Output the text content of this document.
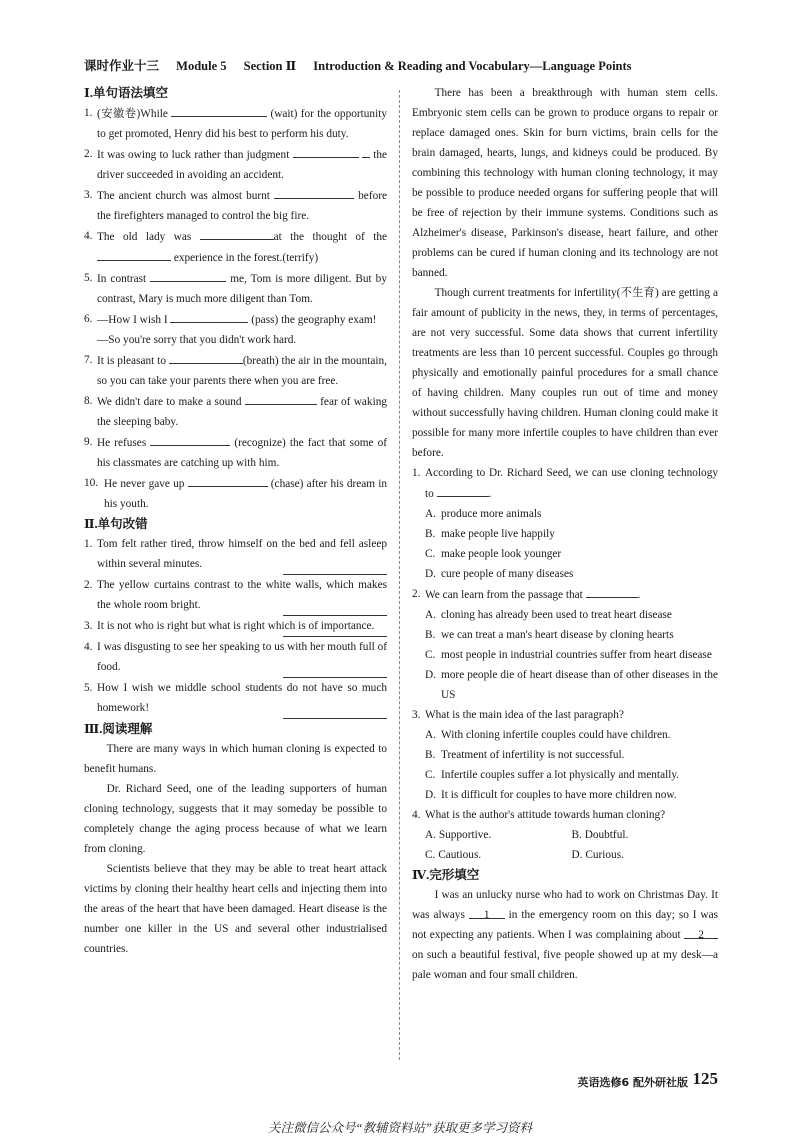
课时作业十三 Module 5 Section Ⅱ Introduction & Reading and Vocabulary—Language Points
Ⅰ.单句语法填空
1. (安徽卷)While	(wait) for the opportunity to get promoted, Henry did his best to perform his duty.
2. It was owing to luck rather than judgment	the driver succeeded in avoiding an accident.
3. The ancient church was almost burnt	before the firefighters managed to control the big fire.
4. The old lady was	at the thought of the  experience in the forest.(terrify)
5. In contrast	me, Tom is more diligent. But by contrast, Mary is much more diligent than Tom.
6. —How I wish I	(pass) the geography exam!
—So you're sorry that you didn't work hard.
7. It is pleasant to	(breath) the air in the mountain, so you can take your parents there when you are free.
8. We didn't dare to make a sound	fear of waking the sleeping baby.
9. He refuses	(recognize) the fact that some of his classmates are catching up with him.
10. He never gave up	(chase) after his dream in his youth.
Ⅱ.单句改错
1. Tom felt rather tired, throw himself on the bed and fell asleep within several minutes.
2. The yellow curtains contrast to the white walls, which makes the whole room bright.
3. It is not who is right but what is right which is of importance.
4. I was disgusting to see her speaking to us with her mouth full of food.
5. How I wish we middle school students do not have so much homework!
Ⅲ.阅读理解
There are many ways in which human cloning is expected to benefit humans.
Dr. Richard Seed, one of the leading supporters of human cloning technology, suggests that it may someday be possible to completely change the aging process because of what we learn from cloning.
Scientists believe that they may be able to treat heart attack victims by cloning their healthy heart cells and injecting them into the areas of the heart that have been damaged. Heart disease is the number one killer in the US and several other industrialised countries.
There has been a breakthrough with human stem cells. Embryonic stem cells can be grown to produce organs to repair or replace damaged ones. Skin for burn victims, brain cells for the brain damaged, hearts, lungs, and kidneys could be produced. By combining this technology with human cloning technology, it may be possible to produce needed organs for suffering people that will be free of rejection by their immune systems. Conditions such as Alzheimer's disease, Parkinson's disease, heart failure, and other problems can be cured if human cloning and its technology are not banned.
Though current treatments for infertility(不生育) are getting a fair amount of publicity in the news, they, in terms of percentages, are not very successful. Some data shows that current infertility treatments are less than 10 percent successful. Couples go through physically and emotionally painful procedures for a small chance of having children. Many couples run out of time and money without successfully having children. Human cloning could make it possible for many more infertile couples to have children than ever before.
1. According to Dr. Richard Seed, we can use cloning technology to	.
A. produce more animals
B. make people live happily
C. make people look younger
D. cure people of many diseases
2. We can learn from the passage that	.
A. cloning has already been used to treat heart disease
B. we can treat a man's heart disease by cloning hearts
C. most people in industrial countries suffer from heart disease
D. more people die of heart disease than of other diseases in the US
3. What is the main idea of the last paragraph?
A. With cloning infertile couples could have children.
B. Treatment of infertility is not successful.
C. Infertile couples suffer a lot physically and mentally.
D. It is difficult for couples to have more children now.
4. What is the author's attitude towards human cloning?
A. Supportive.	B. Doubtful.
C. Cautious.	D. Curious.
Ⅳ.完形填空
I was an unlucky nurse who had to work on Christmas Day. It was always 1 in the emergency room on this day; so I was not expecting any patients. When I was complaining about 2 on such a beautiful festival, five people showed up at my desk—a pale woman and four small children.
英语选修6 配外研社版 125
关注微信公众号“教辅资料站”获取更多学习资料
